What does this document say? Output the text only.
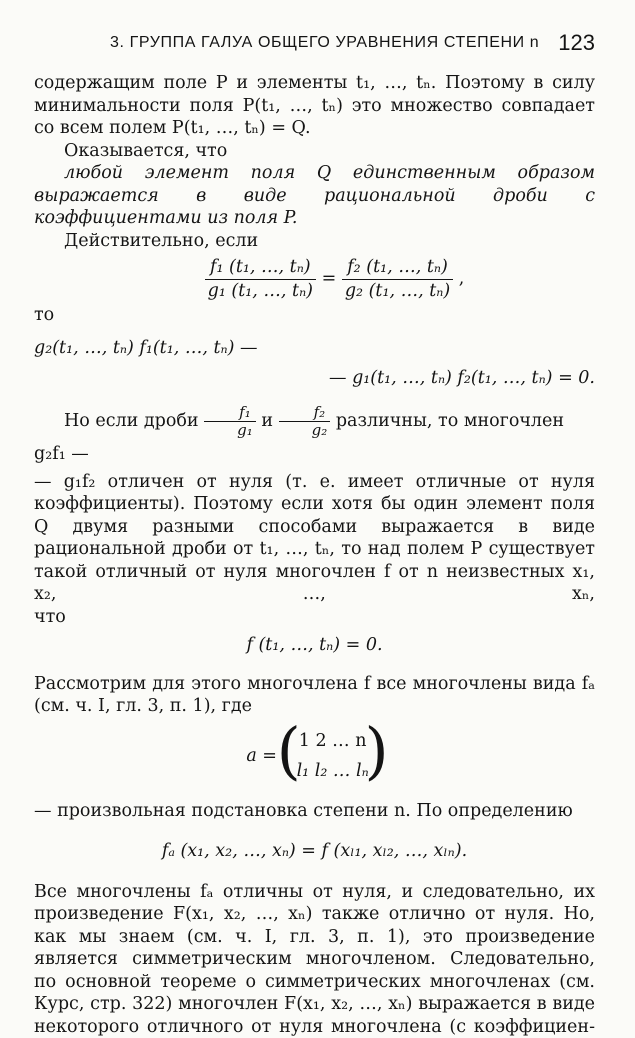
3. ГРУППА ГАЛУА ОБЩЕГО УРАВНЕНИЯ СТЕПЕНИ n 123

содержащим поле P и элементы t₁, …, tₙ. Поэтому в силу минимальности поля P(t₁, …, tₙ) это множество совпадает со всем полем P(t₁, …, tₙ) = Q.

Оказывается, что

любой элемент поля Q единственным образом выражается в виде рациональной дроби с коэффициентами из поля P.

Действительно, если

$\frac{\text{f₁ (t₁, …, tₙ)}}{\text{g₁ (t₁, …, tₙ)}} = \frac{\text{f₂ (t₁, …, tₙ)}}{\text{g₂ (t₁, …, tₙ)}}$ ,

то

g₂(t₁, …, tₙ) f₁(t₁, …, tₙ) —

— g₁(t₁, …, tₙ) f₂(t₁, …, tₙ) = 0.

Но если дроби $\frac{\text{f₁}}{\text{g₁}}$ и $\frac{\text{f₂}}{\text{g₂}}$ различны, то многочлен g₂f₁ —

— g₁f₂ отличен от нуля (т. е. имеет отличные от нуля коэффициенты). Поэтому если хотя бы один элемент поля Q двумя разными способами выражается в виде рациональной дроби от t₁, …, tₙ, то над полем P существует такой отличный от нуля многочлен f от n неизвестных x₁, x₂, …, xₙ,

что

f (t₁, …, tₙ) = 0.

Рассмотрим для этого многочлена f все многочлены вида fₐ (см. ч. I, гл. 3, п. 1), где

a = (
1 2 … n
l₁ l₂ … lₙ
)

— произвольная подстановка степени n. По определению

fₐ (x₁, x₂, …, xₙ) = f (xₗ₁, xₗ₂, …, xₗₙ).

Все многочлены fₐ отличны от нуля, и следовательно, их произведение F(x₁, x₂, …, xₙ) также отлично от нуля. Но, как мы знаем (см. ч. I, гл. 3, п. 1), это произведение является симметрическим многочленом. Следовательно, по основной теореме о симметрических многочленах (см. Курс, стр. 322) многочлен F(x₁, x₂, …, xₙ) выражается в виде некоторого отличного от нуля многочлена (с коэффициен-
